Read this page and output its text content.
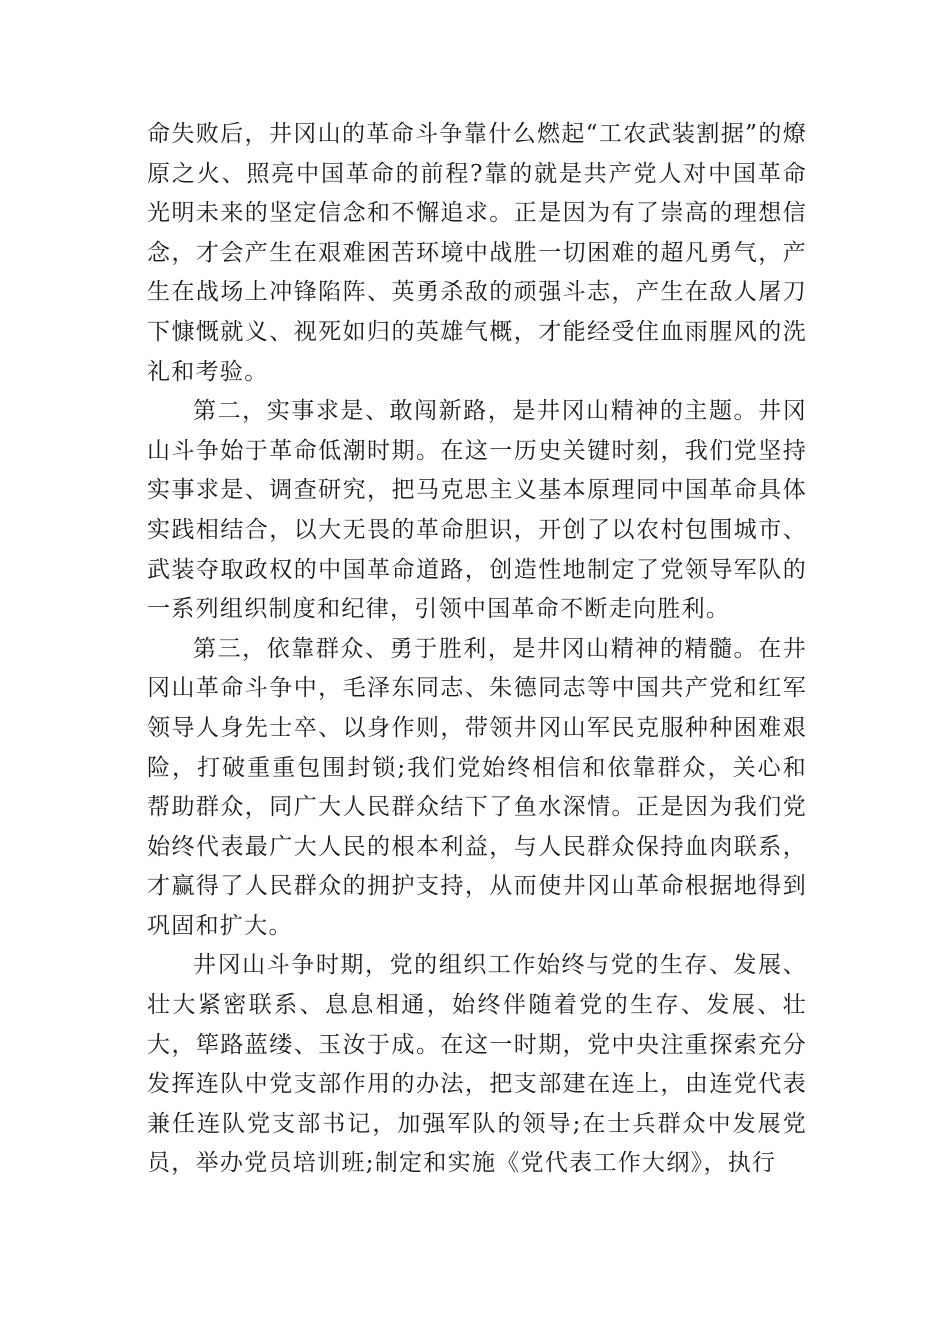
命失败后，井冈山的革命斗争靠什么燃起“工农武装割据”的燎原之火、照亮中国革命的前程?靠的就是共产党人对中国革命光明未来的坚定信念和不懈追求。正是因为有了崇高的理想信念，才会产生在艰难困苦环境中战胜一切困难的超凡勇气，产生在战场上冲锋陷阵、英勇杀敌的顽强斗志，产生在敌人屠刀下慷慨就义、视死如归的英雄气概，才能经受住血雨腥风的洗礼和考验。

第二，实事求是、敢闯新路，是井冈山精神的主题。井冈山斗争始于革命低潮时期。在这一历史关键时刻，我们党坚持实事求是、调查研究，把马克思主义基本原理同中国革命具体实践相结合，以大无畏的革命胆识，开创了以农村包围城市、武装夺取政权的中国革命道路，创造性地制定了党领导军队的一系列组织制度和纪律，引领中国革命不断走向胜利。

第三，依靠群众、勇于胜利，是井冈山精神的精髓。在井冈山革命斗争中，毛泽东同志、朱德同志等中国共产党和红军领导人身先士卒、以身作则，带领井冈山军民克服种种困难艰险，打破重重包围封锁;我们党始终相信和依靠群众，关心和帮助群众，同广大人民群众结下了鱼水深情。正是因为我们党始终代表最广大人民的根本利益，与人民群众保持血肉联系，才赢得了人民群众的拥护支持，从而使井冈山革命根据地得到巩固和扩大。

井冈山斗争时期，党的组织工作始终与党的生存、发展、壮大紧密联系、息息相通，始终伴随着党的生存、发展、壮大，筚路蓝缕、玉汝于成。在这一时期，党中央注重探索充分发挥连队中党支部作用的办法，把支部建在连上，由连党代表兼任连队党支部书记，加强军队的领导;在士兵群众中发展党员，举办党员培训班;制定和实施《党代表工作大纲》，执行
